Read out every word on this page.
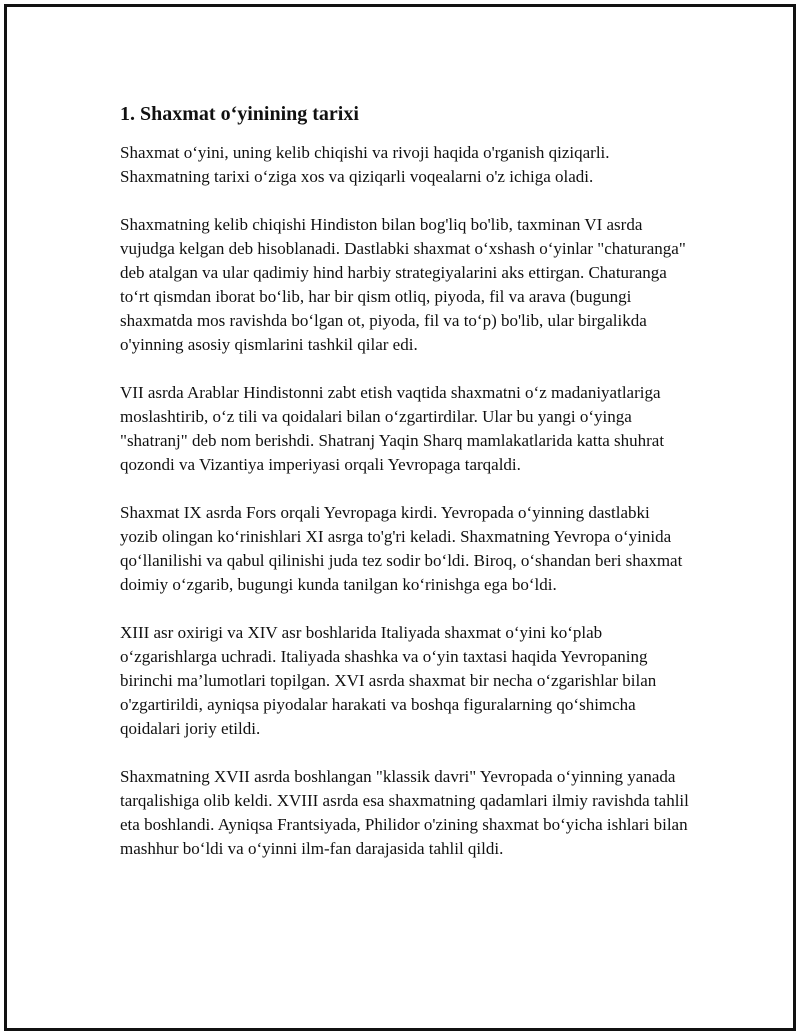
1. Shaxmat o‘yinining tarixi

Shaxmat o‘yini, uning kelib chiqishi va rivoji haqida o'rganish qiziqarli. Shaxmatning tarixi o‘ziga xos va qiziqarli voqealarni o'z ichiga oladi.

Shaxmatning kelib chiqishi Hindiston bilan bog'liq bo'lib, taxminan VI asrda vujudga kelgan deb hisoblanadi. Dastlabki shaxmat o‘xshash o‘yinlar "chaturanga" deb atalgan va ular qadimiy hind harbiy strategiyalarini aks ettirgan. Chaturanga to‘rt qismdan iborat bo‘lib, har bir qism otliq, piyoda, fil va arava (bugungi shaxmatda mos ravishda bo‘lgan ot, piyoda, fil va to‘p) bo'lib, ular birgalikda o'yinning asosiy qismlarini tashkil qilar edi.

VII asrda Arablar Hindistonni zabt etish vaqtida shaxmatni o‘z madaniyatlariga moslashtirib, o‘z tili va qoidalari bilan o‘zgartirdilar. Ular bu yangi o‘yinga "shatranj" deb nom berishdi. Shatranj Yaqin Sharq mamlakatlarida katta shuhrat qozondi va Vizantiya imperiyasi orqali Yevropaga tarqaldi.

Shaxmat IX asrda Fors orqali Yevropaga kirdi. Yevropada o‘yinning dastlabki yozib olingan ko‘rinishlari XI asrga to'g'ri keladi. Shaxmatning Yevropa o‘yinida qo‘llanilishi va qabul qilinishi juda tez sodir bo‘ldi. Biroq, o‘shandan beri shaxmat doimiy o‘zgarib, bugungi kunda tanilgan ko‘rinishga ega bo‘ldi.

XIII asr oxirigi va XIV asr boshlarida Italiyada shaxmat o‘yini ko‘plab o‘zgarishlarga uchradi. Italiyada shashka va o‘yin taxtasi haqida Yevropaning birinchi ma’lumotlari topilgan. XVI asrda shaxmat bir necha o‘zgarishlar bilan o'zgartirildi, ayniqsa piyodalar harakati va boshqa figuralarning qo‘shimcha qoidalari joriy etildi.

Shaxmatning XVII asrda boshlangan "klassik davri" Yevropada o‘yinning yanada tarqalishiga olib keldi. XVIII asrda esa shaxmatning qadamlari ilmiy ravishda tahlil eta boshlandi. Ayniqsa Frantsiyada, Philidor o'zining shaxmat bo‘yicha ishlari bilan mashhur bo‘ldi va o‘yinni ilm-fan darajasida tahlil qildi.
